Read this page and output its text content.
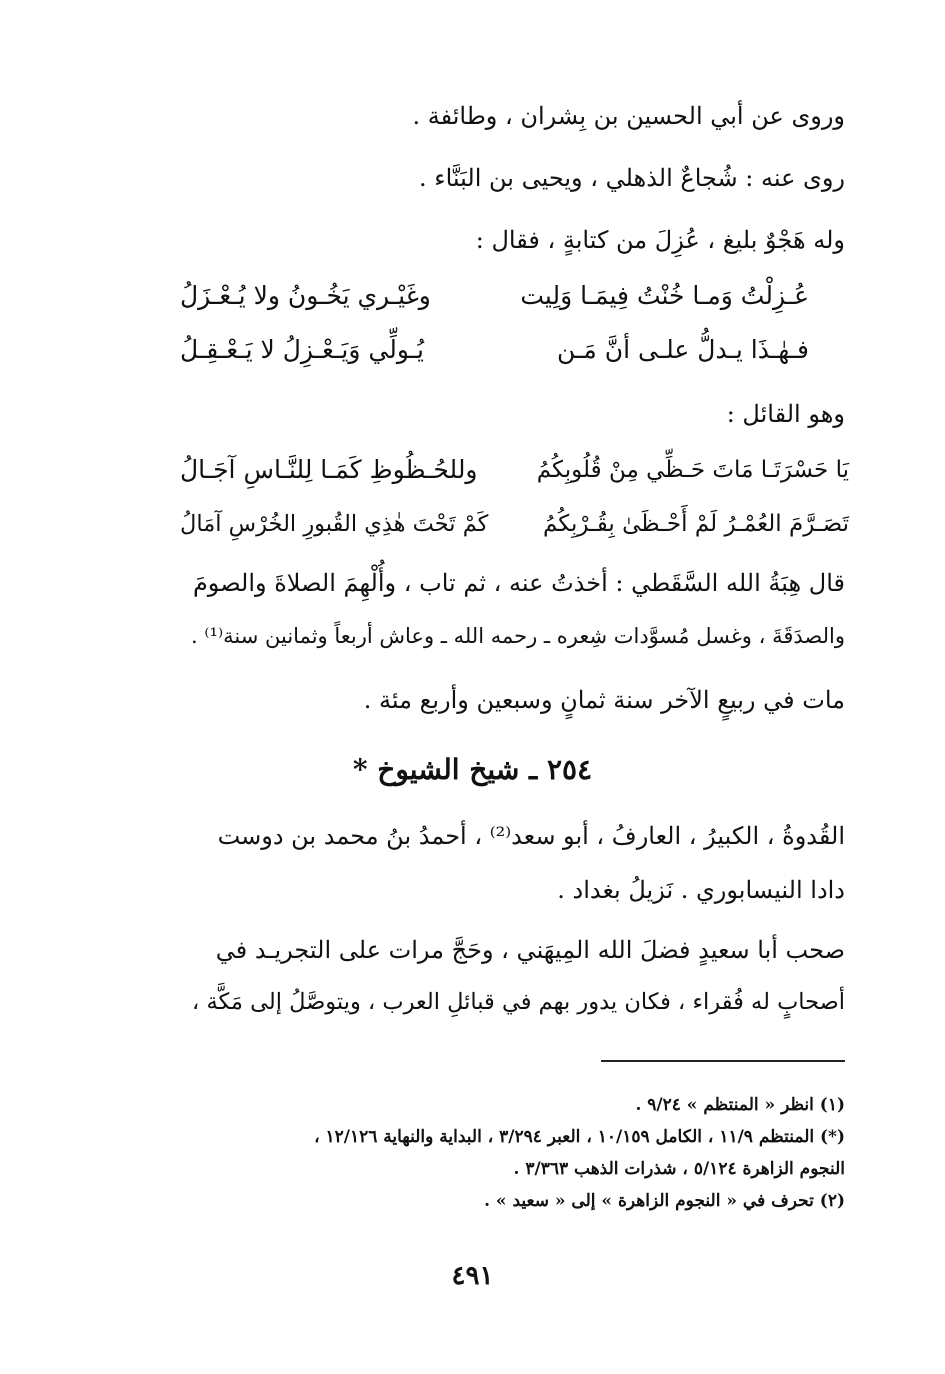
وروى عن أبي الحسين بن بِشران ، وطائفة .
روى عنه : شُجاعٌ الذهلي ، ويحيى بن البَنَّاء .
وله هَجْوٌ بليغ ، عُزِلَ من كتابةٍ ، فقال :
عُـزِلْتُ وَمـا خُنْتُ فِيمَـا وَلِيت
وغَيْـري يَخُـونُ ولا يُـعْـزَلُ
فـهٰـذَا يـدلُّ علـى أنَّ مَـن
يُـولِّي وَيَـعْـزِلُ لا يَـعْـقِـلُ
وهو القائل :
يَا حَسْرَتَـا مَاتَ حَـظِّي مِنْ قُلُوبِكُمُ
وللحُـظُوظِ كَمَـا لِلنَّـاسِ آجَـالُ
تَصَـرَّمَ العُمْـرُ لَمْ أَحْـظَىٰ بِقُـرْبِكُمُ
كَمْ تَحْتَ هٰذِي القُبورِ الخُرْسِ آمَالُ
قال هِبَةُ الله السَّقَطي : أخذتُ عنه ، ثم تاب ، وأُلْهِمَ الصلاةَ والصومَ
والصدَقَةَ ، وغسل مُسوَّدات شِعره ـ رحمه الله ـ وعاش أربعاً وثمانين سنة⁽¹⁾ .
مات في ربيعٍ الآخر سنة ثمانٍ وسبعين وأربع مئة .
٢٥٤ ـ شيخ الشيوخ *
القُدوةُ ، الكبيرُ ، العارفُ ، أبو سعد⁽²⁾ ، أحمدُ بنُ محمد بن دوست
دادا النيسابوري . نَزيلُ بغداد .
صحب أبا سعيدٍ فضلَ الله المِيهَني ، وحَجَّ مرات على التجريـد في
أصحابٍ له فُقراء ، فكان يدور بهم في قبائلِ العرب ، ويتوصَّلُ إلى مَكَّة ،
(١) انظر « المنتظم » ٩/٢٤ .
(*) المنتظم ١١/٩ ، الكامل ١٠/١٥٩ ، العبر ٣/٢٩٤ ، البداية والنهاية ١٢/١٢٦ ،
النجوم الزاهرة ٥/١٢٤ ، شذرات الذهب ٣/٣٦٣ .
(٢) تحرف في « النجوم الزاهرة » إلى « سعيد » .
٤٩١
